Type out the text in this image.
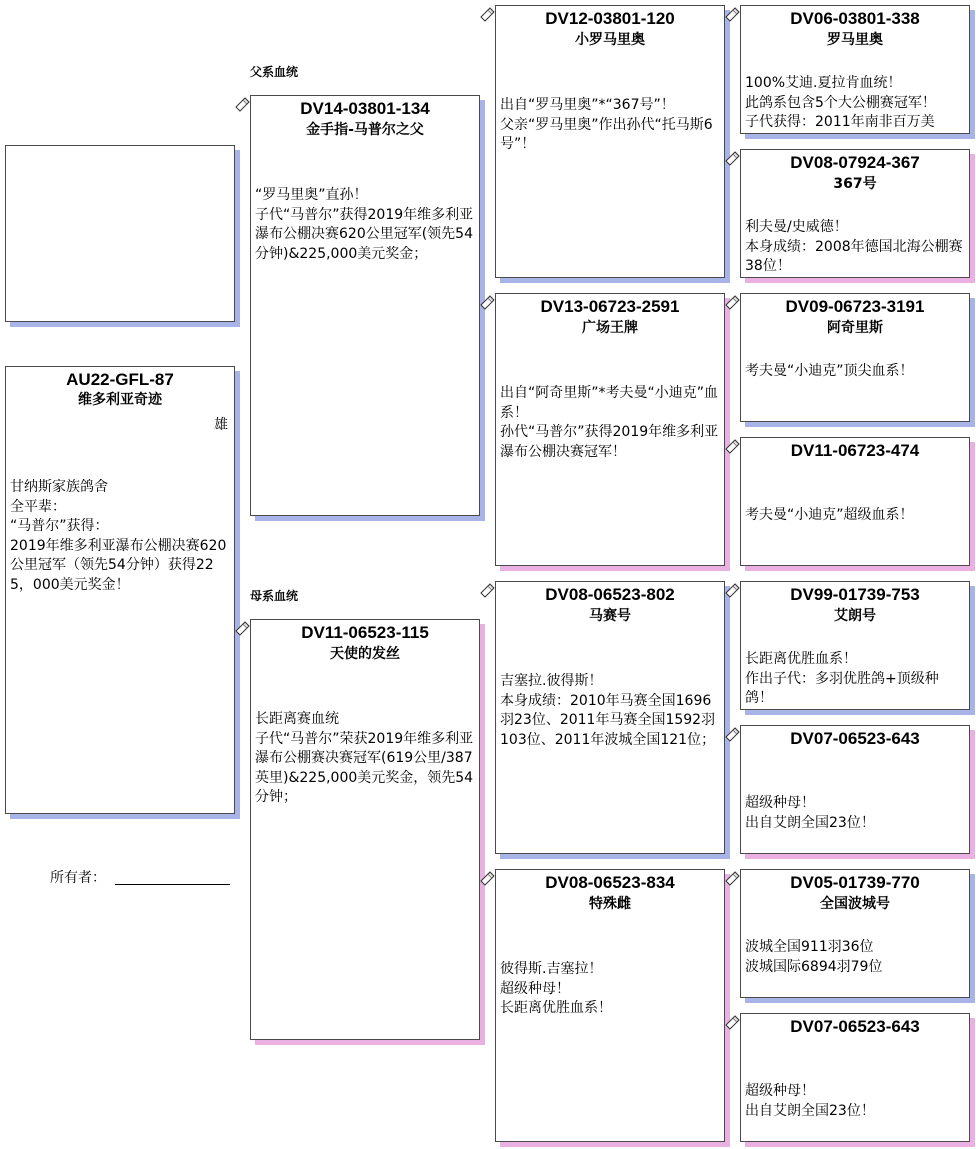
父系血统
母系血统
AU22-GFL-87
维多利亚奇迹
雄
甘纳斯家族鸽舍
全平辈：
“马普尔”获得：
2019年维多利亚瀑布公棚决赛620公里冠军（领先54分钟）获得225，000美元奖金！
所有者：
DV14-03801-134
金手指-马普尔之父
“罗马里奥”直孙！
子代“马普尔”获得2019年维多利亚瀑布公棚决赛620公里冠军(领先54分钟)&225,000美元奖金；
DV11-06523-115
天使的发丝
长距离赛血统
子代“马普尔”荣获2019年维多利亚瀑布公棚赛决赛冠军(619公里/387英里)&225,000美元奖金，领先54分钟；
DV12-03801-120
小罗马里奥
出自“罗马里奥”*“367号”！
父亲“罗马里奥”作出孙代“托马斯6号”！
DV13-06723-2591
广场王牌
出自“阿奇里斯”*考夫曼“小迪克”血系！
孙代“马普尔”获得2019年维多利亚瀑布公棚决赛冠军！
DV08-06523-802
马赛号
吉塞拉.彼得斯！
本身成绩：2010年马赛全国1696羽23位、2011年马赛全国1592羽103位、2011年波城全国121位；
DV08-06523-834
特殊雌
彼得斯.吉塞拉！
超级种母！
长距离优胜血系！
DV06-03801-338
罗马里奥
100%艾迪.夏拉肯血统！
此鸽系包含5个大公棚赛冠军！
子代获得：2011年南非百万美
DV08-07924-367
367号
利夫曼/史威德！
本身成绩：2008年德国北海公棚赛38位！
DV09-06723-3191
阿奇里斯
考夫曼“小迪克”顶尖血系！
DV11-06723-474
考夫曼“小迪克”超级血系！
DV99-01739-753
艾朗号
长距离优胜血系！
作出子代：多羽优胜鸽+顶级种鸽！
DV07-06523-643
超级种母！
出自艾朗全国23位！
DV05-01739-770
全国波城号
波城全国911羽36位
波城国际6894羽79位
DV07-06523-643
超级种母！
出自艾朗全国23位！
